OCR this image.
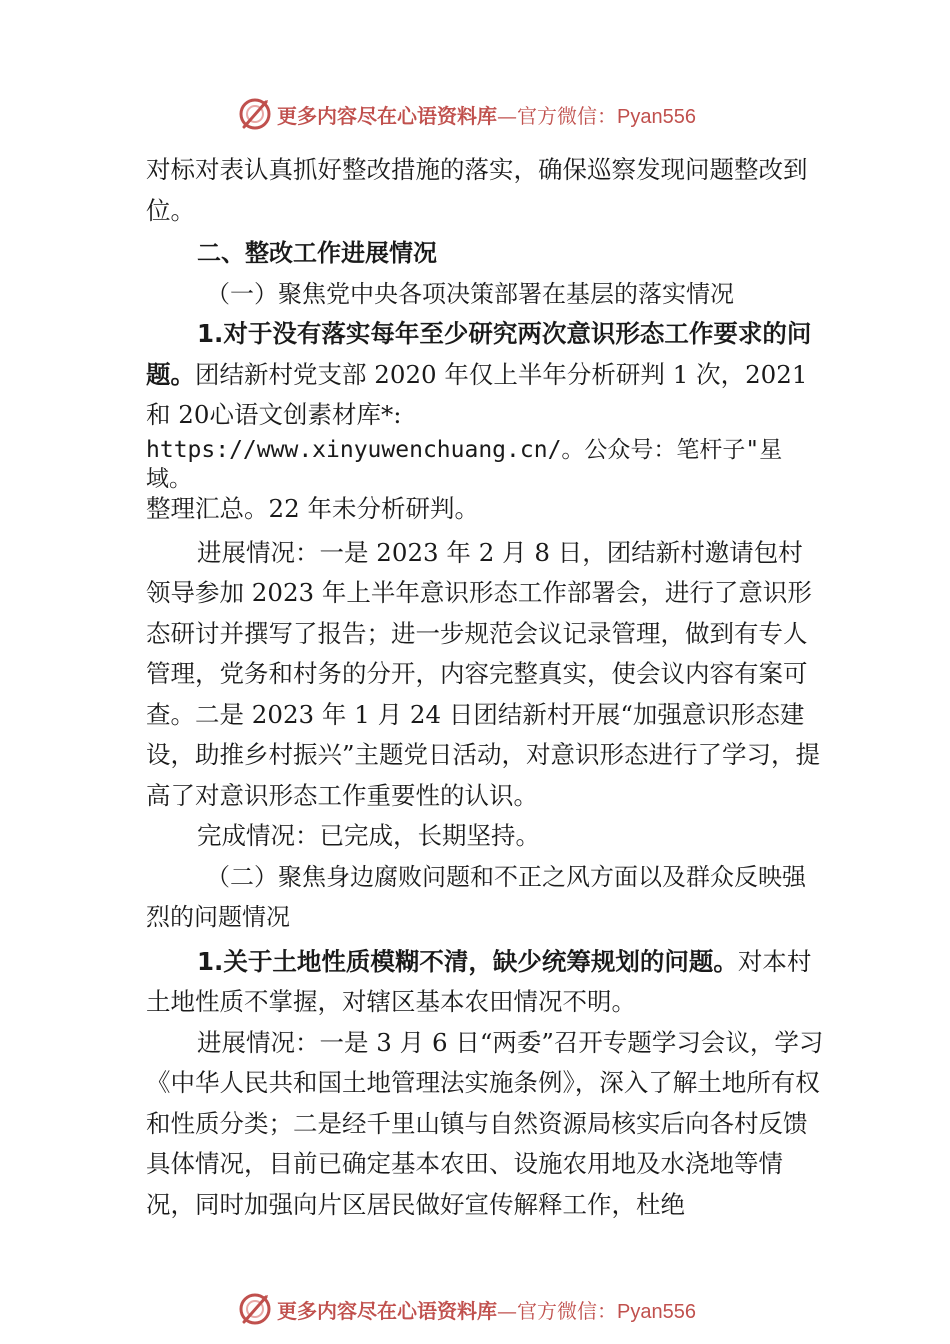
更多内容尽在心语资料库—官方微信：Pyan556

对标对表认真抓好整改措施的落实，确保巡察发现问题整改到位。

二、整改工作进展情况

（一）聚焦党中央各项决策部署在基层的落实情况

1.对于没有落实每年至少研究两次意识形态工作要求的问题。团结新村党支部 2020 年仅上半年分析研判 1 次，2021 和 20心语文创素材库*:

https://www.xinyuwenchuang.cn/。公众号：笔杆子"星域。

整理汇总。22 年未分析研判。

进展情况：一是 2023 年 2 月 8 日，团结新村邀请包村领导参加 2023 年上半年意识形态工作部署会，进行了意识形态研讨并撰写了报告；进一步规范会议记录管理，做到有专人管理，党务和村务的分开，内容完整真实，使会议内容有案可查。二是 2023 年 1 月 24 日团结新村开展“加强意识形态建设，助推乡村振兴”主题党日活动，对意识形态进行了学习，提高了对意识形态工作重要性的认识。

完成情况：已完成，长期坚持。

（二）聚焦身边腐败问题和不正之风方面以及群众反映强烈的问题情况

1.关于土地性质模糊不清，缺少统筹规划的问题。对本村土地性质不掌握，对辖区基本农田情况不明。

进展情况：一是 3 月 6 日“两委”召开专题学习会议，学习《中华人民共和国土地管理法实施条例》，深入了解土地所有权和性质分类；二是经千里山镇与自然资源局核实后向各村反馈具体情况，目前已确定基本农田、设施农用地及水浇地等情况，同时加强向片区居民做好宣传解释工作，杜绝

更多内容尽在心语资料库—官方微信：Pyan556
